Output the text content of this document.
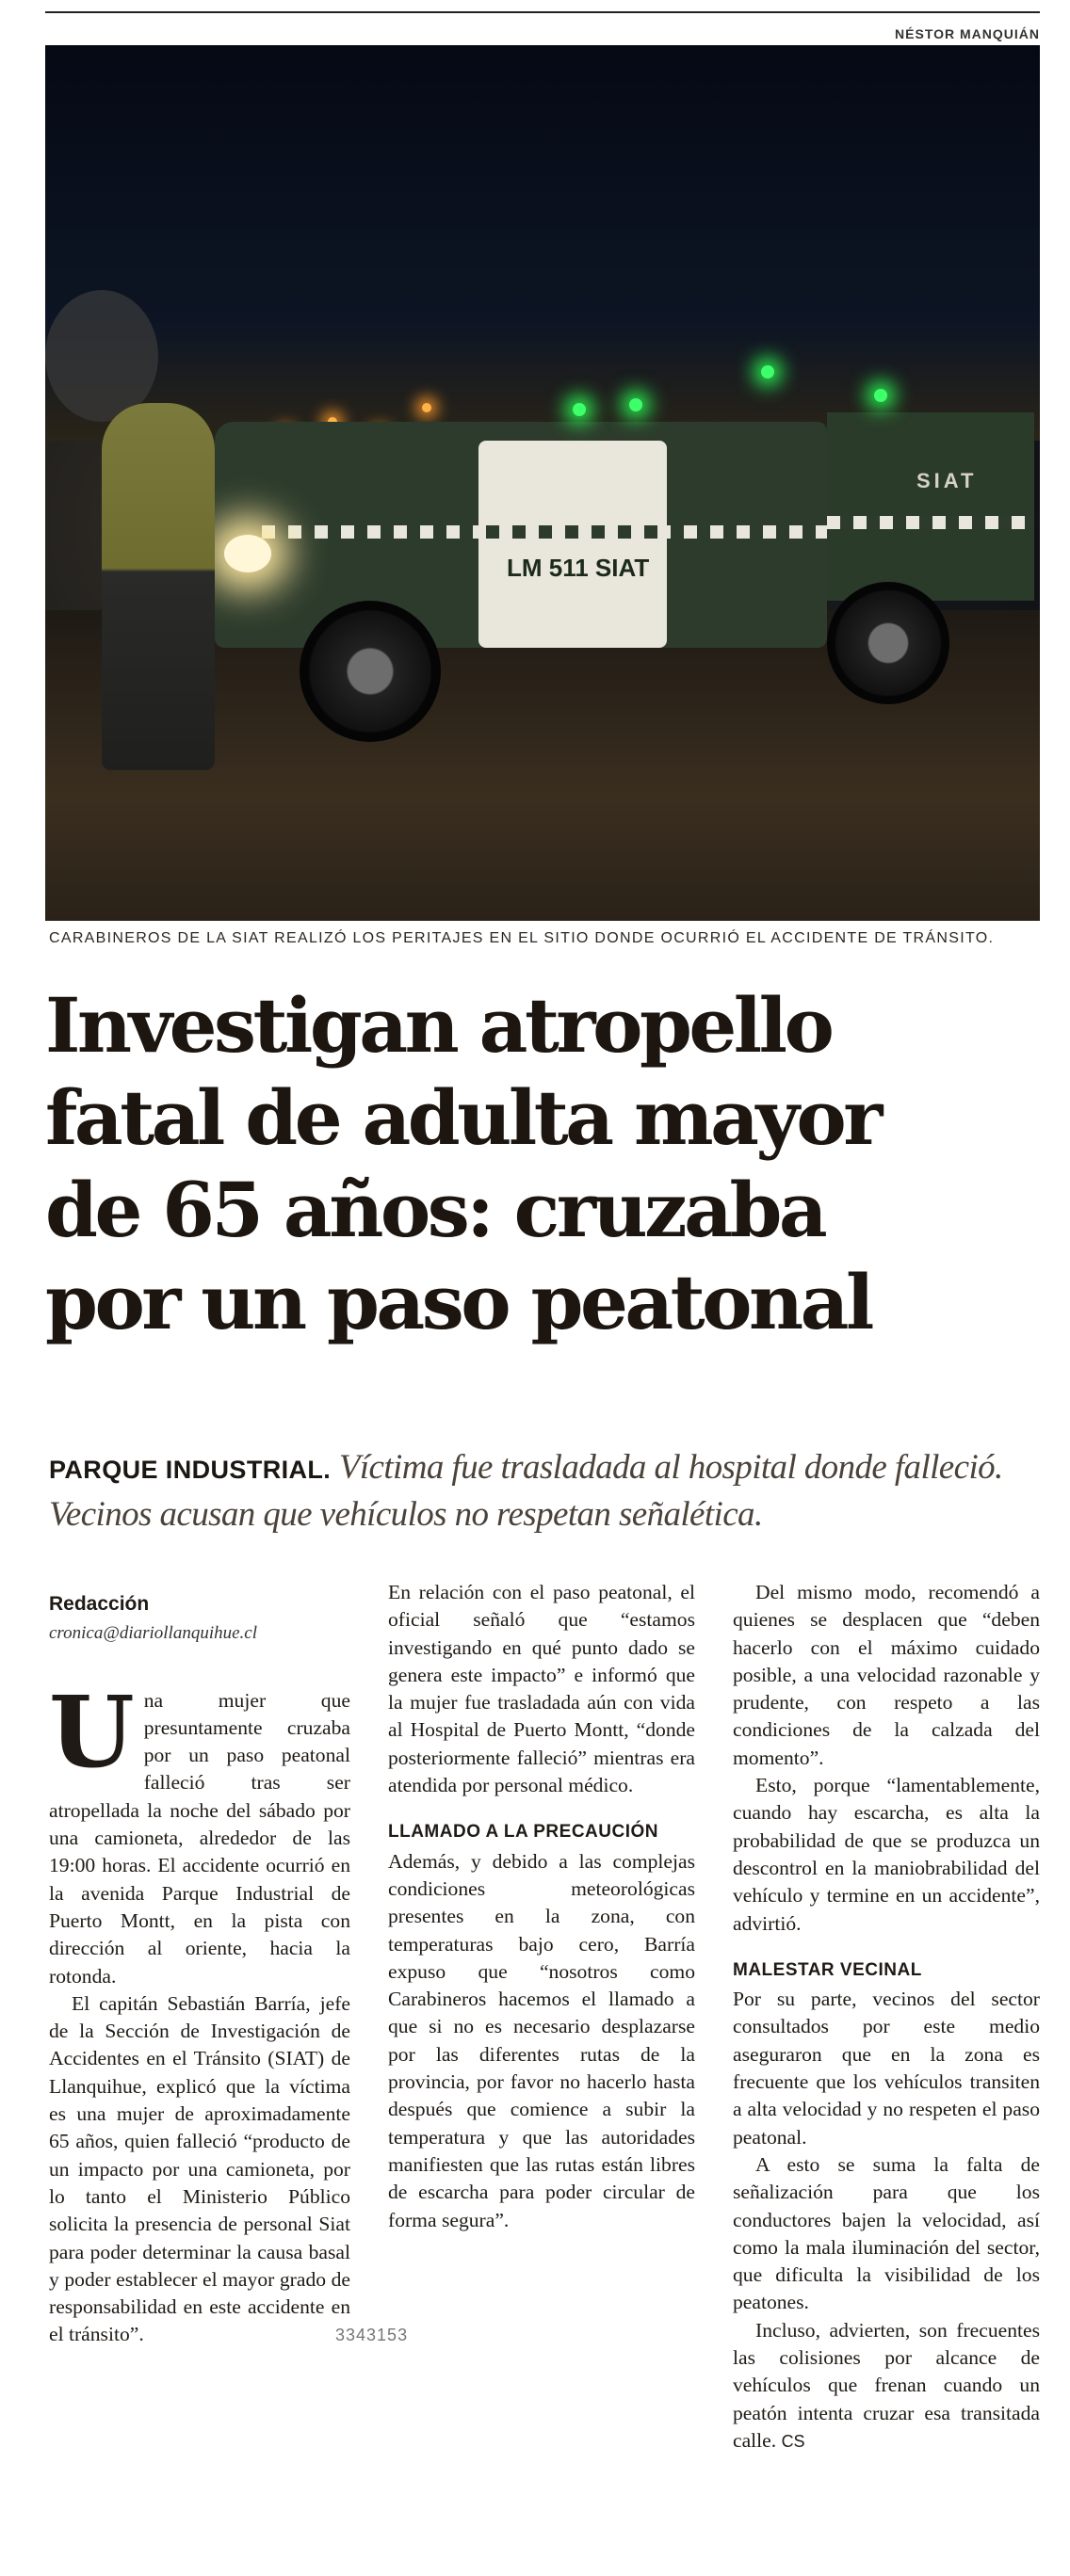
NÉSTOR MANQUIÁN
SIAT
LM 511 SIAT
CARABINEROS DE LA SIAT REALIZÓ LOS PERITAJES EN EL SITIO DONDE OCURRIÓ EL ACCIDENTE DE TRÁNSITO.
Investigan atropello
fatal de adulta mayor
de 65 años: cruzaba
por un paso peatonal

PARQUE INDUSTRIAL. Víctima fue trasladada al hospital donde falleció. Vecinos acusan que vehículos no respetan señalética.

Redacción
cronica@diariollanquihue.cl

Una mujer que presuntamente cruzaba por un paso peatonal falleció tras ser atropellada la noche del sábado por una camioneta, alrededor de las 19:00 horas. El accidente ocurrió en la avenida Parque Industrial de Puerto Montt, en la pista con dirección al oriente, hacia la rotonda.

El capitán Sebastián Barría, jefe de la Sección de Investigación de Accidentes en el Tránsito (SIAT) de Llanquihue, explicó que la víctima es una mujer de aproximadamente 65 años, quien falleció “producto de un impacto por una camioneta, por lo tanto el Ministerio Público solicita la presencia de personal Siat para poder determinar la causa basal y poder establecer el mayor grado de responsabilidad en este accidente en el tránsito”.

En relación con el paso peatonal, el oficial señaló que “estamos investigando en qué punto dado se genera este impacto” e informó que la mujer fue trasladada aún con vida al Hospital de Puerto Montt, “donde posteriormente falleció” mientras era atendida por personal médico.

LLAMADO A LA PRECAUCIÓN

Además, y debido a las complejas condiciones meteorológicas presentes en la zona, con temperaturas bajo cero, Barría expuso que “nosotros como Carabineros hacemos el llamado a que si no es necesario desplazarse por las diferentes rutas de la provincia, por favor no hacerlo hasta después que comience a subir la temperatura y que las autoridades manifiesten que las rutas están libres de escarcha para poder circular de forma segura”.

Del mismo modo, recomendó a quienes se desplacen que “deben hacerlo con el máximo cuidado posible, a una velocidad razonable y prudente, con respeto a las condiciones de la calzada del momento”.

Esto, porque “lamentablemente, cuando hay escarcha, es alta la probabilidad de que se produzca un descontrol en la maniobrabilidad del vehículo y termine en un accidente”, advirtió.

MALESTAR VECINAL

Por su parte, vecinos del sector consultados por este medio aseguraron que en la zona es frecuente que los vehículos transiten a alta velocidad y no respeten el paso peatonal.

A esto se suma la falta de señalización para que los conductores bajen la velocidad, así como la mala iluminación del sector, que dificulta la visibilidad de los peatones.

Incluso, advierten, son frecuentes las colisiones por alcance de vehículos que frenan cuando un peatón intenta cruzar esa transitada calle. CS

3343153
